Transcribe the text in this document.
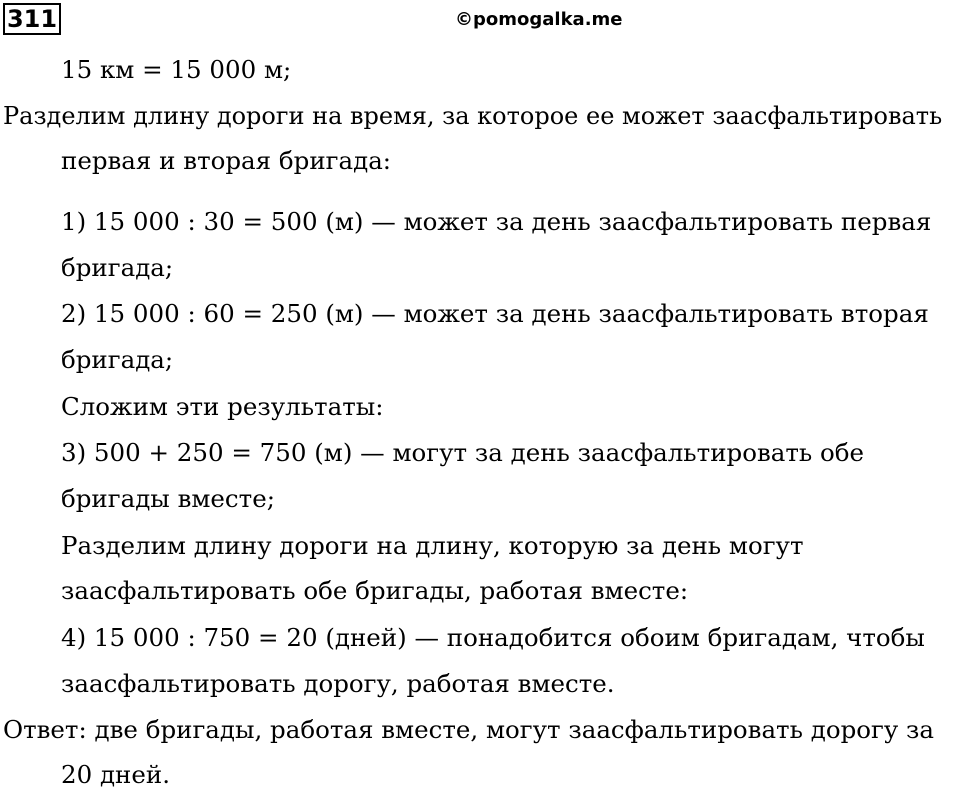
311	©pomogalka.me
15 км = 15 000 м;
Разделим длину дороги на время, за которое ее может заасфальтировать
первая и вторая бригада:
1) 15 000 : 30 = 500 (м) — может за день заасфальтировать первая
бригада;
2) 15 000 : 60 = 250 (м) — может за день заасфальтировать вторая
бригада;
Сложим эти результаты:
3) 500 + 250 = 750 (м) — могут за день заасфальтировать обе
бригады вместе;
Разделим длину дороги на длину, которую за день могут
заасфальтировать обе бригады, работая вместе:
4) 15 000 : 750 = 20 (дней) — понадобится обоим бригадам, чтобы
заасфальтировать дорогу, работая вместе.
Ответ: две бригады, работая вместе, могут заасфальтировать дорогу за
20 дней.
